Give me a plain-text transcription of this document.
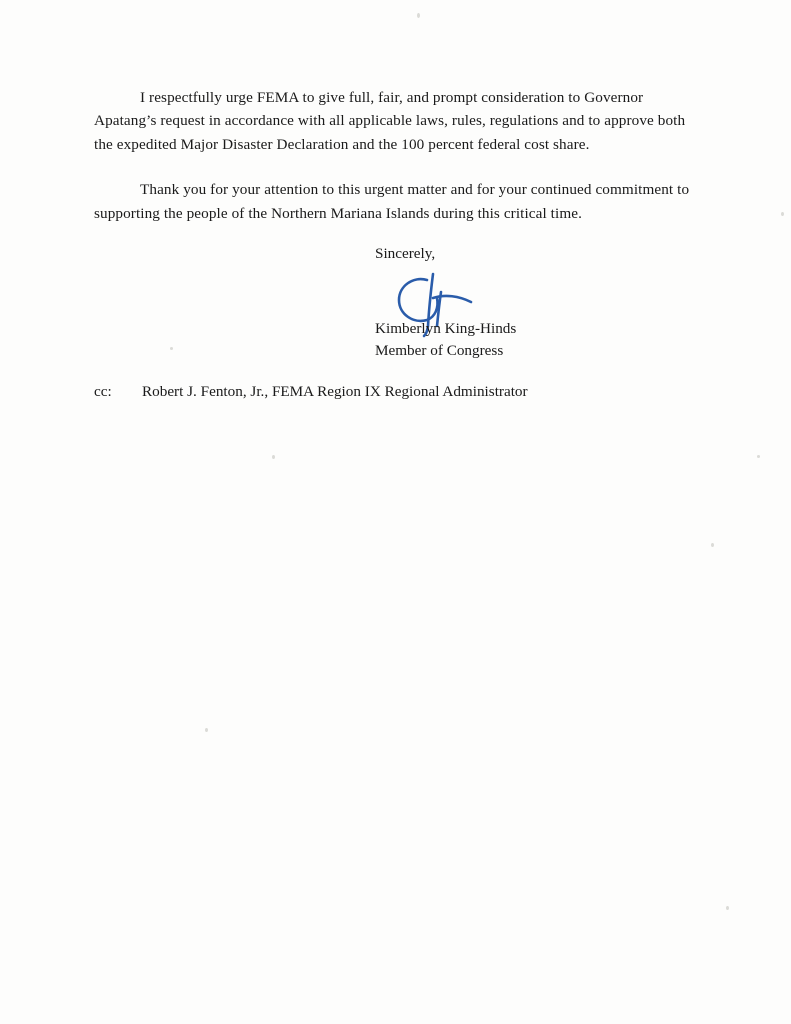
I respectfully urge FEMA to give full, fair, and prompt consideration to Governor Apatang’s request in accordance with all applicable laws, rules, regulations and to approve both the expedited Major Disaster Declaration and the 100 percent federal cost share.

Thank you for your attention to this urgent matter and for your continued commitment to supporting the people of the Northern Mariana Islands during this critical time.

Sincerely,
Kimberlyn King-Hinds
Member of Congress
cc: Robert J. Fenton, Jr., FEMA Region IX Regional Administrator
